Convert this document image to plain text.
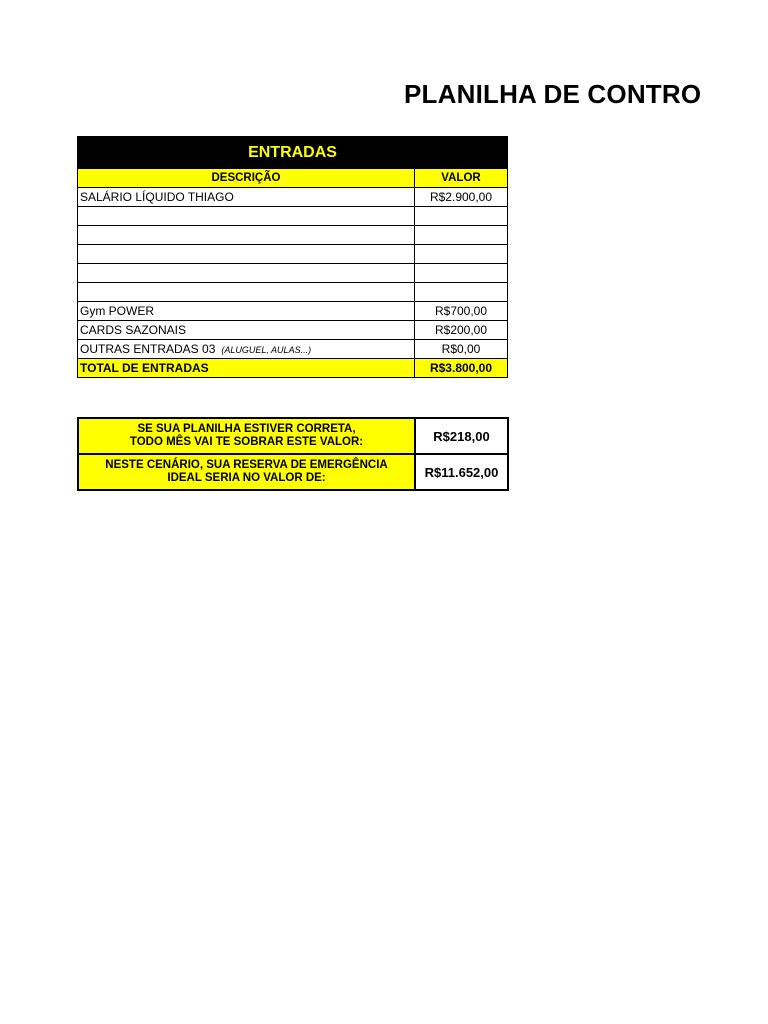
PLANILHA DE CONTRO
ENTRADAS	
DESCRIÇÃO	VALOR
SALÁRIO LÍQUIDO THIAGO	R$2.900,00

Gym POWER	R$700,00
CARDS SAZONAIS	R$200,00
OUTRAS ENTRADAS 03 (ALUGUEL, AULAS...)	R$0,00
TOTAL DE ENTRADAS	R$3.800,00
SE SUA PLANILHA ESTIVER CORRETA,
TODO MÊS VAI TE SOBRAR ESTE VALOR:	R$218,00

NESTE CENÁRIO, SUA RESERVA DE EMERGÊNCIA
IDEAL SERIA NO VALOR DE:	R$11.652,00
